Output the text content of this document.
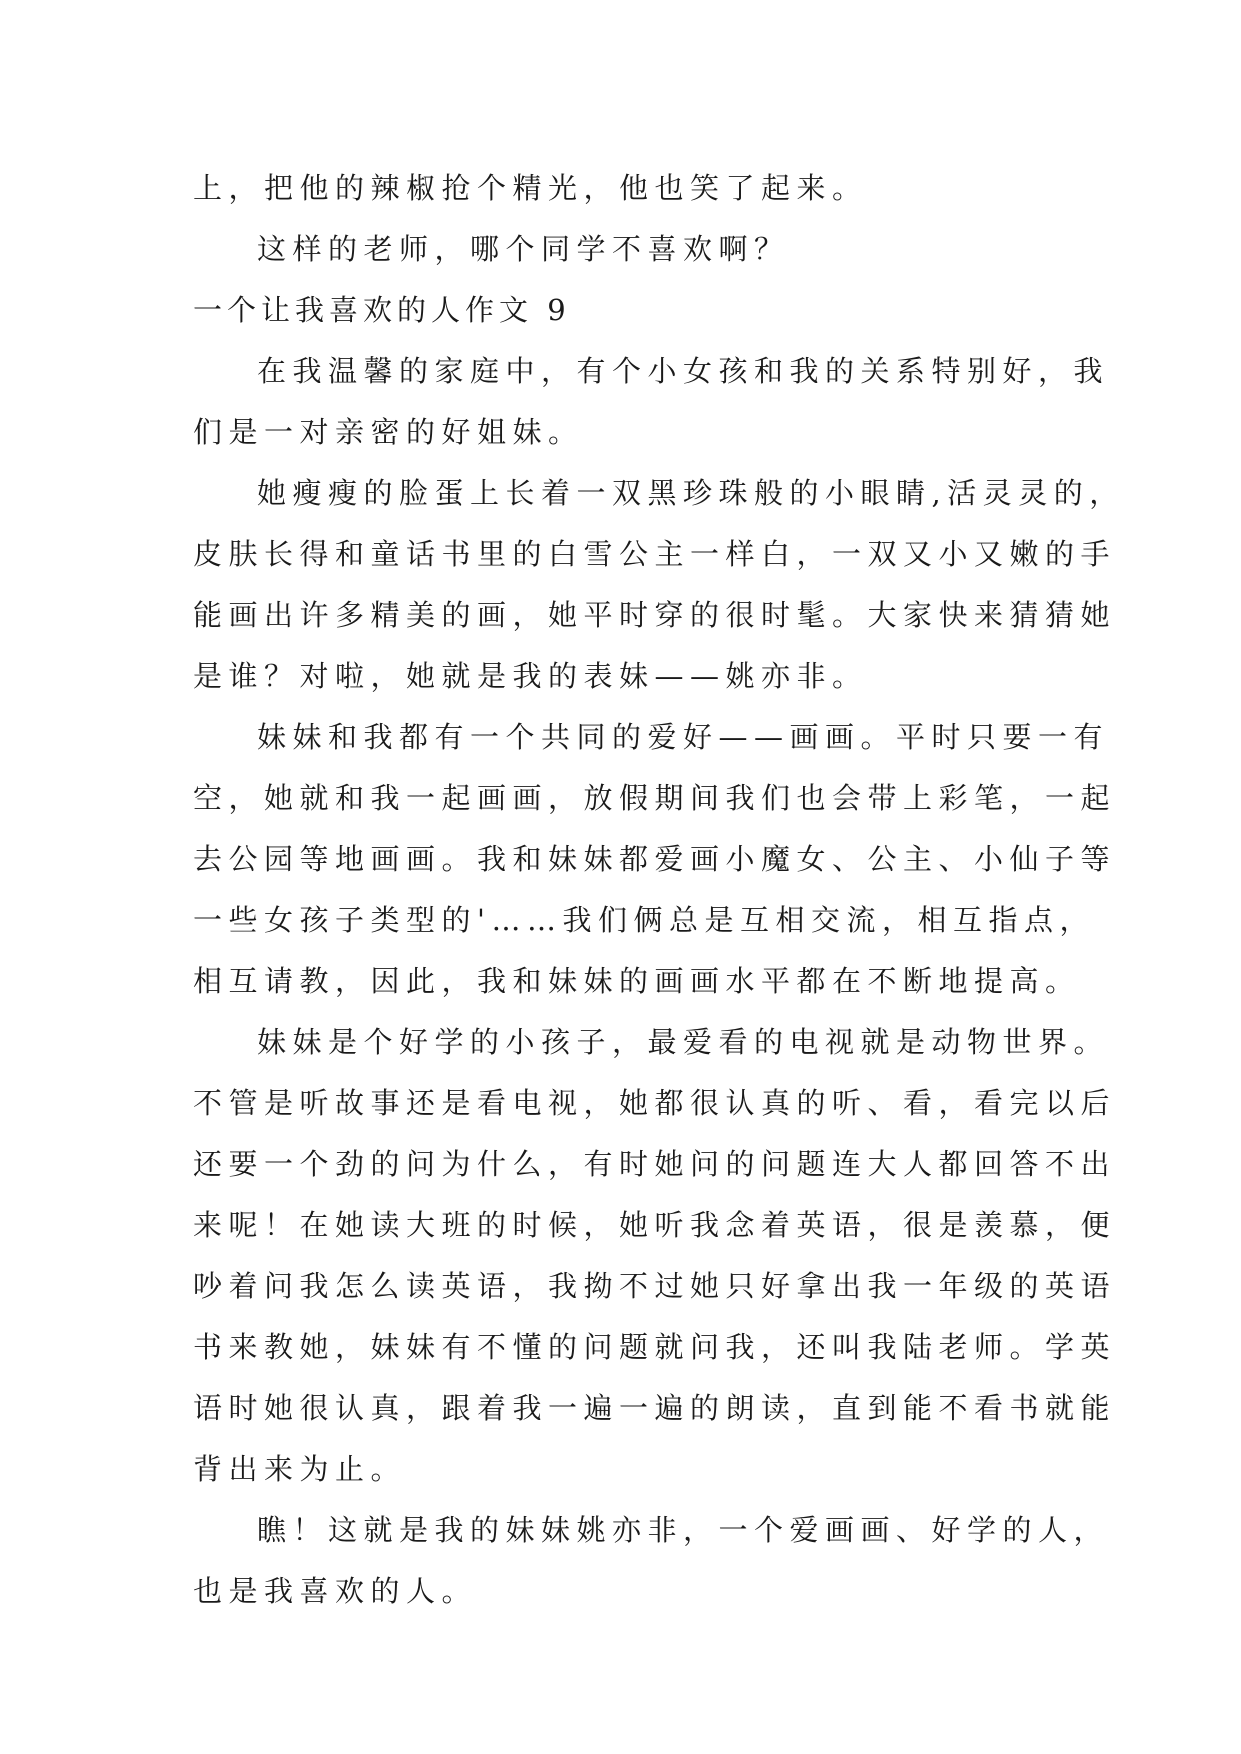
上，把他的辣椒抢个精光，他也笑了起来。
这样的老师，哪个同学不喜欢啊？
一个让我喜欢的人作文 9
在我温馨的家庭中，有个小女孩和我的关系特别好，我
们是一对亲密的好姐妹。
她瘦瘦的脸蛋上长着一双黑珍珠般的小眼睛,活灵灵的，
皮肤长得和童话书里的白雪公主一样白，一双又小又嫩的手
能画出许多精美的画，她平时穿的很时髦。大家快来猜猜她
是谁？对啦，她就是我的表妹——姚亦非。
妹妹和我都有一个共同的爱好——画画。平时只要一有
空，她就和我一起画画，放假期间我们也会带上彩笔，一起
去公园等地画画。我和妹妹都爱画小魔女、公主、小仙子等
一些女孩子类型的'……我们俩总是互相交流，相互指点，
相互请教，因此，我和妹妹的画画水平都在不断地提高。
妹妹是个好学的小孩子，最爱看的电视就是动物世界。
不管是听故事还是看电视，她都很认真的听、看，看完以后
还要一个劲的问为什么，有时她问的问题连大人都回答不出
来呢！在她读大班的时候，她听我念着英语，很是羡慕，便
吵着问我怎么读英语，我拗不过她只好拿出我一年级的英语
书来教她，妹妹有不懂的问题就问我，还叫我陆老师。学英
语时她很认真，跟着我一遍一遍的朗读，直到能不看书就能
背出来为止。
瞧！这就是我的妹妹姚亦非，一个爱画画、好学的人，
也是我喜欢的人。
